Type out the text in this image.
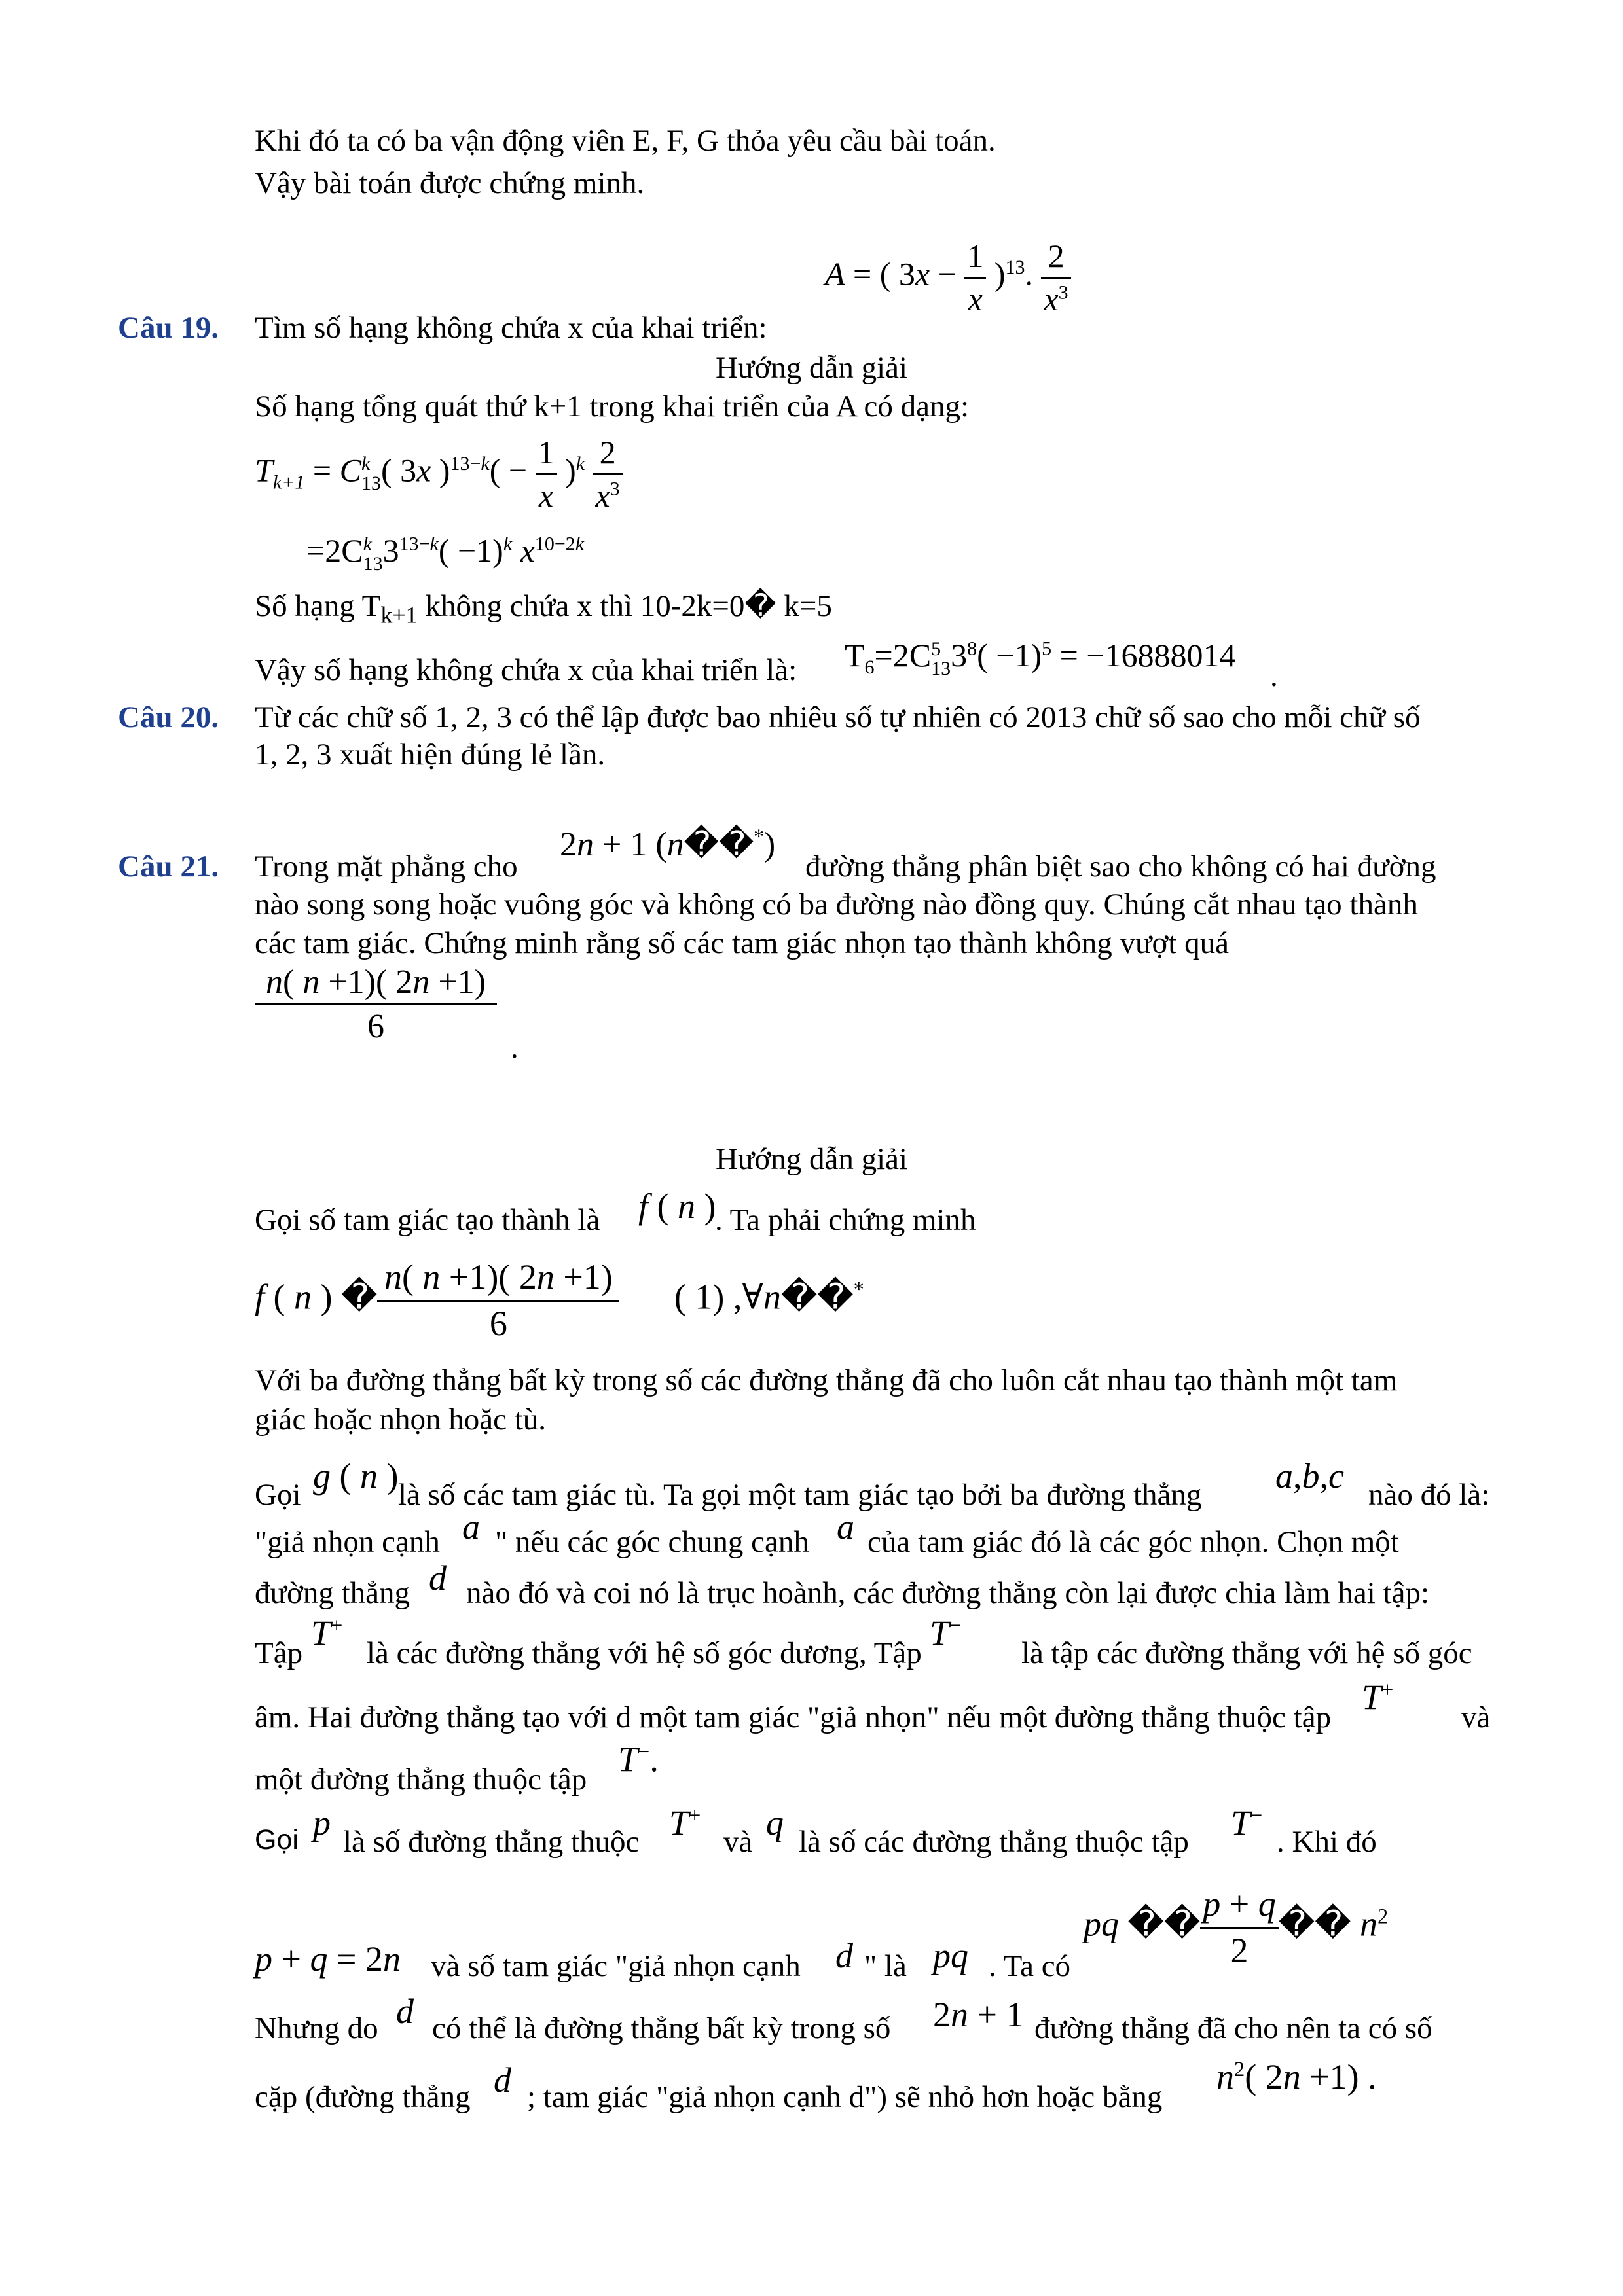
Khi đó ta có ba vận động viên E, F, G thỏa yêu cầu bài toán.
Vậy bài toán được chứng minh.
A = ( $3x - \frac{1}{x} )^{13}$. $\frac{2}{x^3}$
Câu 19. Tìm số hạng không chứa x của khai triển:
Hướng dẫn giải
Số hạng tổng quát thứ k+1 trong khai triển của A có dạng:
$T_{k+1} = C$ k
13 ( 3x )$^{13-k}( - \frac{1}{x} )^k \frac{2}{x^3}$
=2C k
13 $3^{13-k}( -1)^k$ $x^{10-2k}$
Số hạng $T_{k+1}$ không chứa x thì 10-2k=0� k=5
Vậy số hạng không chứa x của khai triển là: $T_6=2C$ 5
13 $3^8( -1)^5 = -16888014$
.
Câu 20. Từ các chữ số 1, 2, 3 có thể lập được bao nhiêu số tự nhiên có 2013 chữ số sao cho mỗi chữ số
1, 2, 3 xuất hiện đúng lẻ lần.
Câu 21. Trong mặt phẳng cho
2n + 1 (n��*)
đường thẳng phân biệt sao cho không có hai đường
nào song song hoặc vuông góc và không có ba đường nào đồng quy. Chúng cắt nhau tạo thành
các tam giác. Chứng minh rằng số các tam giác nhọn tạo thành không vượt quá
$\frac{n( n +1)( 2n +1)}{6}$ .
Hướng dẫn giải
Gọi số tam giác tạo thành là f ( n )
. Ta phải chứng minh
f ( n ) � $\frac{n( n +1)( 2n +1)}{6}$ ( 1) ,∀n��*
Với ba đường thẳng bất kỳ trong số các đường thẳng đã cho luôn cắt nhau tạo thành một tam
giác hoặc nhọn hoặc tù.
Gọi g ( n ) là số các tam giác tù. Ta gọi một tam giác tạo bởi ba đường thẳng a,b,c nào đó là:
"giả nhọn cạnh a " nếu các góc chung cạnh a của tam giác đó là các góc nhọn. Chọn một
đường thẳng d nào đó và coi nó là trục hoành, các đường thẳng còn lại được chia làm hai tập:
Tập
T+
là các đường thẳng với hệ số góc dương, Tập
T−
là tập các đường thẳng với hệ số góc
âm. Hai đường thẳng tạo với d một tam giác "giả nhọn" nếu một đường thẳng thuộc tập
T+
và
một đường thẳng thuộc tập
T−.
Gọi p là số đường thẳng thuộc T+
và q là số các đường thẳng thuộc tập T−
. Khi đó
pq �� $\frac{p + q}{2}$ �� $n^2$
p + q = 2n và số tam giác "giả nhọn cạnh d " là pq . Ta có
Nhưng do d có thể là đường thẳng bất kỳ trong số 2n + 1 đường thẳng đã cho nên ta có số
cặp (đường thẳng d ; tam giác "giả nhọn cạnh d") sẽ nhỏ hơn hoặc bằng
$n^2$( 2n +1) .
